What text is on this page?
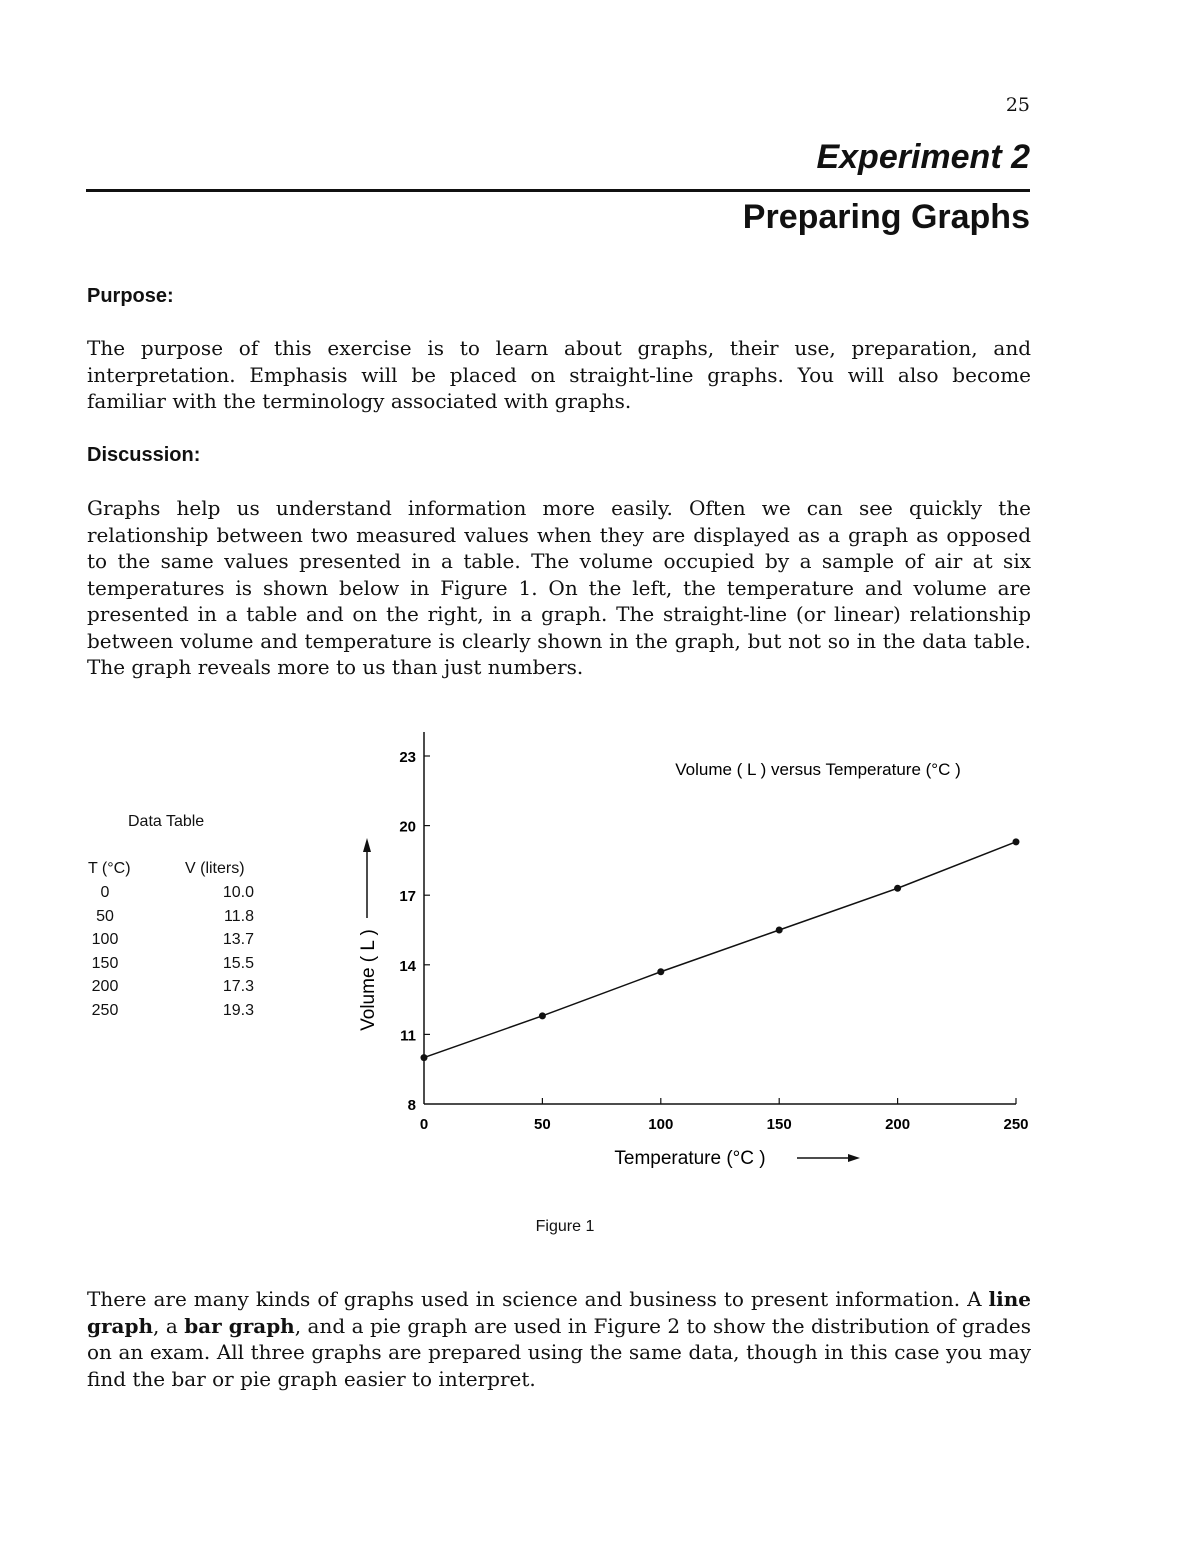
25
Experiment 2
Preparing Graphs
Purpose:
The purpose of this exercise is to learn about graphs, their use, preparation, and interpretation. Emphasis will be placed on straight-line graphs. You will also become familiar with the terminology associated with graphs.
Discussion:
Graphs help us understand information more easily. Often we can see quickly the relationship between two measured values when they are displayed as a graph as opposed to the same values presented in a table. The volume occupied by a sample of air at six temperatures is shown below in Figure 1. On the left, the temperature and volume are presented in a table and on the right, in a graph. The straight-line (or linear) relationship between volume and temperature is clearly shown in the graph, but not so in the data table. The graph reveals more to us than just numbers.
Data Table
T (°C)	V (liters)
0	10.0
50	11.8
100	13.7
150	15.5
200	17.3
250	19.3
8
11
14
17
20
23
0	50	100	150	200	250
Volume ( L ) versus Temperature (°C )
Temperature (°C )
Volume ( L )
Figure 1
There are many kinds of graphs used in science and business to present information. A line graph, a bar graph, and a pie graph are used in Figure 2 to show the distribution of grades on an exam. All three graphs are prepared using the same data, though in this case you may find the bar or pie graph easier to interpret.
